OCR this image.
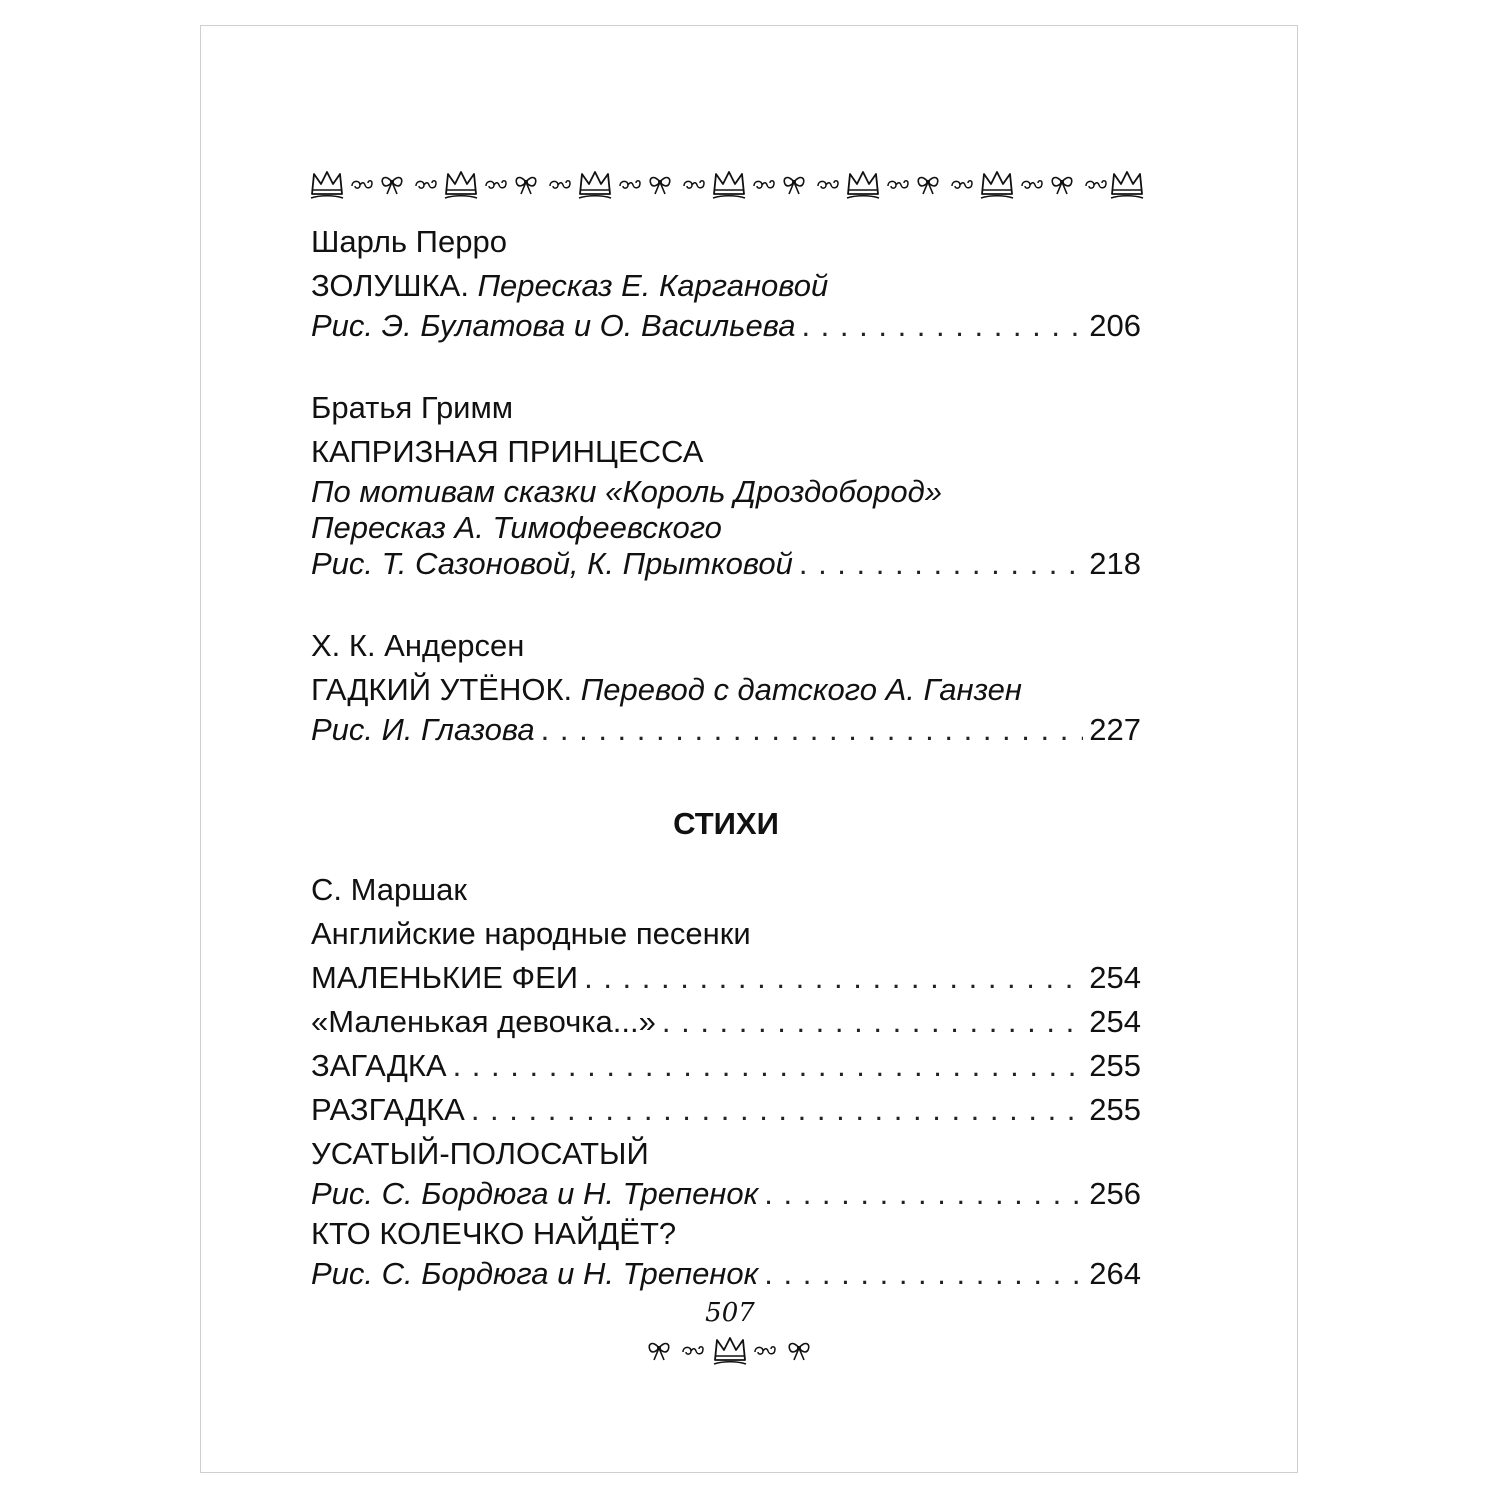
Шарль Перро
ЗОЛУШКА. Пересказ Е. Каргановой
Рис. Э. Булатова и О. Васильева . . .	206
Братья Гримм
КАПРИЗНАЯ ПРИНЦЕССА
По мотивам сказки «Король Дроздобород»
Пересказ А. Тимофеевского
Рис. Т. Сазоновой, К. Прытковой . . .	218
Х. К. Андерсен
ГАДКИЙ УТЁНОК. Перевод с датского А. Ганзен
Рис. И. Глазова . . .	227
СТИХИ
С. Маршак
Английские народные песенки
МАЛЕНЬКИЕ ФЕИ . . .	254
«Маленькая девочка...» . . .	254
ЗАГАДКА . . .	255
РАЗГАДКА . . .	255
УСАТЫЙ-ПОЛОСАТЫЙ
Рис. С. Бордюга и Н. Трепенок . . .	256
КТО КОЛЕЧКО НАЙДЁТ?
Рис. С. Бордюга и Н. Трепенок . . .	264
507
